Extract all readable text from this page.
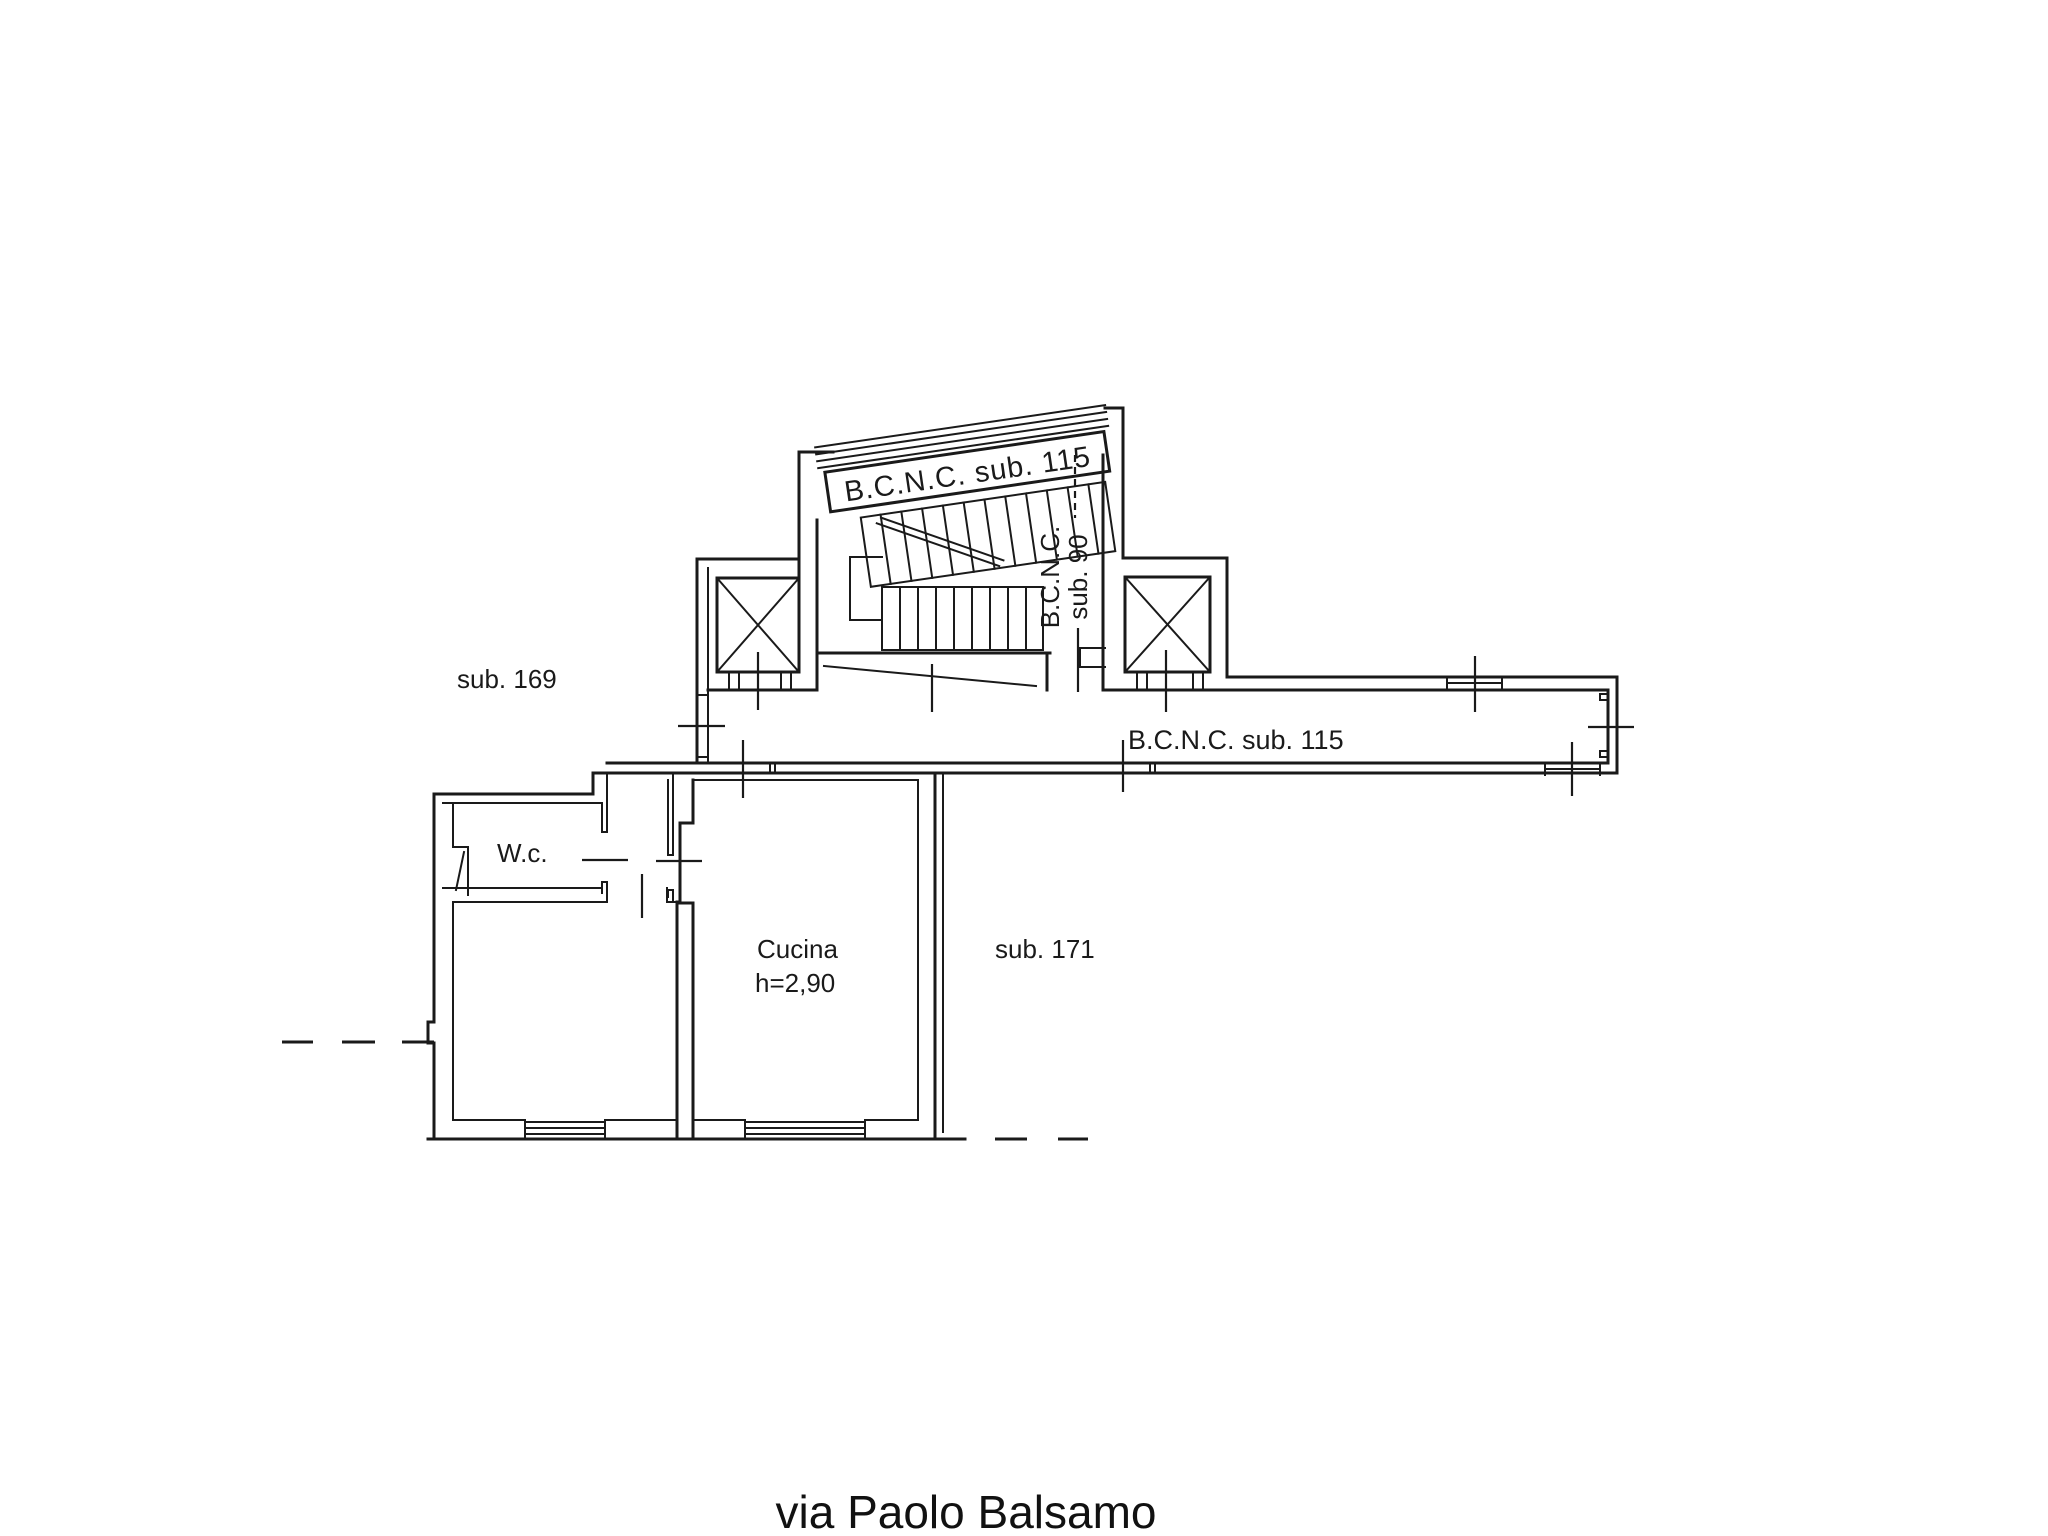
B.C.N.C. sub. 115
B.C.N.C.
sub. 90
B.C.N.C. sub. 115
W.c.
Cucina
h=2,90
sub. 169
sub. 171
via Paolo Balsamo
